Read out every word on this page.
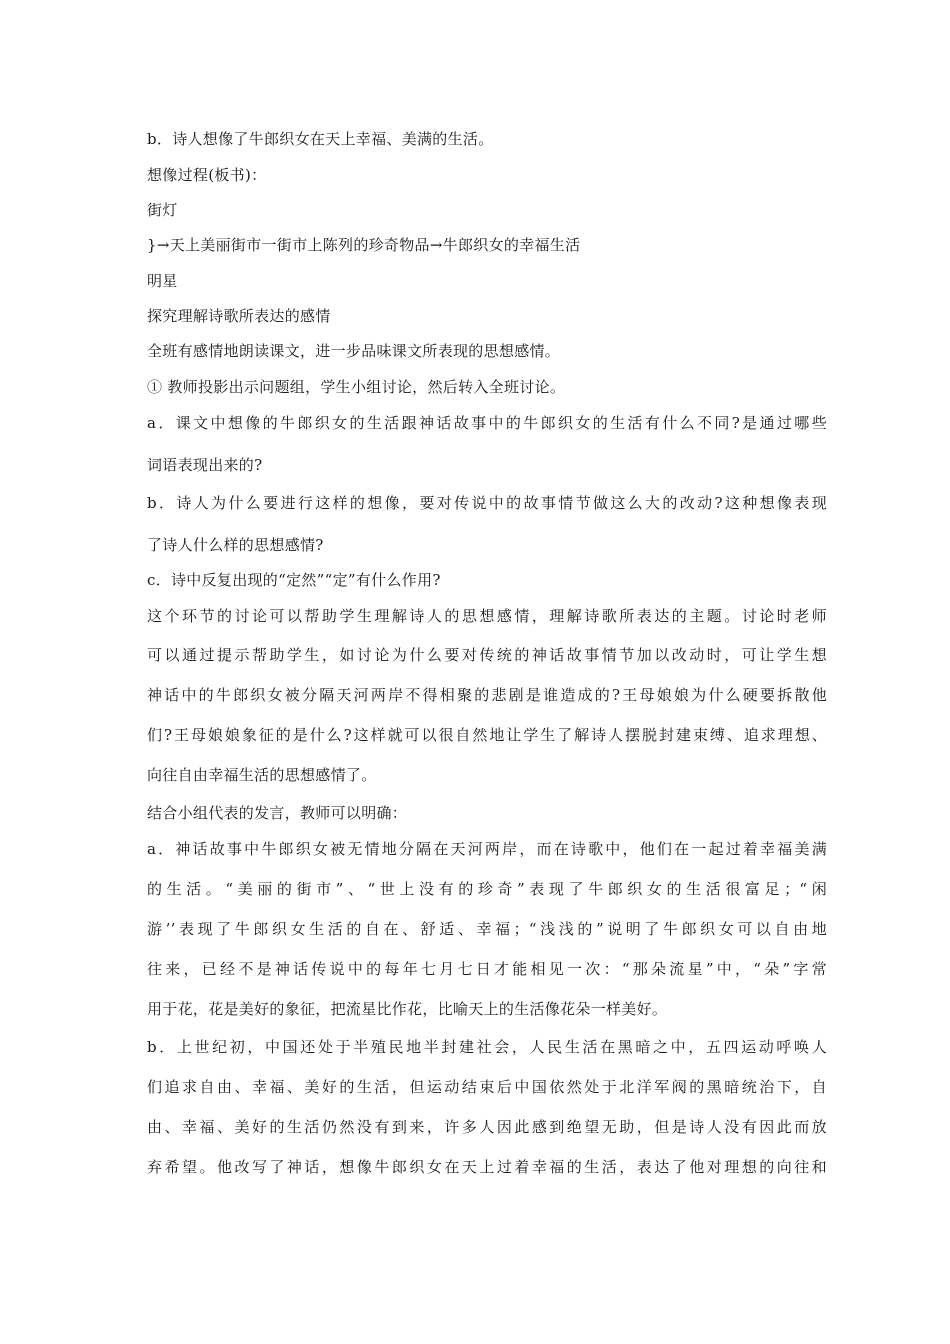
b．诗人想像了牛郎织女在天上幸福、美满的生活。
想像过程(板书)：
街灯
}→天上美丽街市一街市上陈列的珍奇物品→牛郎织女的幸福生活
明星
探究理解诗歌所表达的感情
全班有感情地朗读课文，进一步品味课文所表现的思想感情。
① 教师投影出示问题组，学生小组讨论，然后转入全班讨论。
a．课文中想像的牛郎织女的生活跟神话故事中的牛郎织女的生活有什么不同?是通过哪些
词语表现出来的?
b．诗人为什么要进行这样的想像，要对传说中的故事情节做这么大的改动?这种想像表现
了诗人什么样的思想感情?
c．诗中反复出现的“定然”“定”有什么作用?
这个环节的讨论可以帮助学生理解诗人的思想感情，理解诗歌所表达的主题。讨论时老师
可以通过提示帮助学生，如讨论为什么要对传统的神话故事情节加以改动时，可让学生想
神话中的牛郎织女被分隔天河两岸不得相聚的悲剧是谁造成的?王母娘娘为什么硬要拆散他
们?王母娘娘象征的是什么?这样就可以很自然地让学生了解诗人摆脱封建束缚、追求理想、
向往自由幸福生活的思想感情了。
结合小组代表的发言，教师可以明确：
a．神话故事中牛郎织女被无情地分隔在天河两岸，而在诗歌中，他们在一起过着幸福美满
的生活。“美丽的街市”、“世上没有的珍奇”表现了牛郎织女的生活很富足；“闲
游’’表现了牛郎织女生活的自在、舒适、幸福；“浅浅的”说明了牛郎织女可以自由地
往来，已经不是神话传说中的每年七月七日才能相见一次：“那朵流星”中，“朵”字常
用于花，花是美好的象征，把流星比作花，比喻天上的生活像花朵一样美好。
b．上世纪初，中国还处于半殖民地半封建社会，人民生活在黑暗之中，五四运动呼唤人
们追求自由、幸福、美好的生活，但运动结束后中国依然处于北洋军阀的黑暗统治下，自
由、幸福、美好的生活仍然没有到来，许多人因此感到绝望无助，但是诗人没有因此而放
弃希望。他改写了神话，想像牛郎织女在天上过着幸福的生活，表达了他对理想的向往和
